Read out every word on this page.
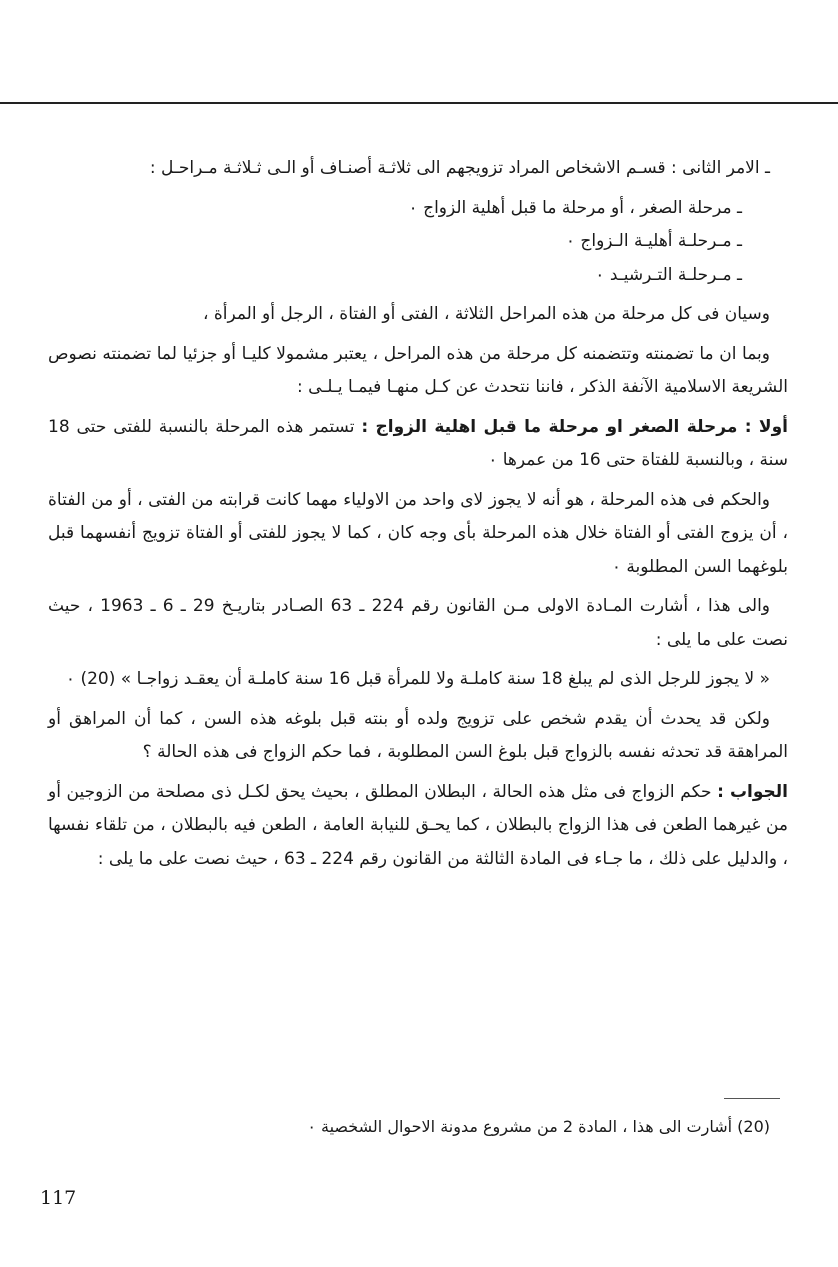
ـ الامر الثانى : قسـم الاشخاص المراد تزويجهم الى ثلاثـة أصنـاف أو الـى ثـلاثـة مـراحـل :

ـ مرحلة الصغر ، أو مرحلة ما قبل أهلية الزواج ٠

ـ مـرحلـة أهليـة الـزواج ٠

ـ مـرحلـة التـرشيـد ٠

وسيان فى كل مرحلة من هذه المراحل الثلاثة ، الفتى أو الفتاة ، الرجل أو المرأة ،

وبما ان ما تضمنته وتتضمنه كل مرحلة من هذه المراحل ، يعتبر مشمولا كليـا أو جزئيا لما تضمنته نصوص الشريعة الاسلامية الآنفة الذكر ، فاننا نتحدث عن كـل منهـا فيمـا يـلـى :

أولا : مرحلة الصغر او مرحلة ما قبل اهلية الزواج : تستمر هذه المرحلة بالنسبة للفتى حتى 18 سنة ، وبالنسبة للفتاة حتى 16 من عمرها ٠

والحكم فى هذه المرحلة ، هو أنه لا يجوز لاى واحد من الاولياء مهما كانت قرابته من الفتى ، أو من الفتاة ، أن يزوج الفتى أو الفتاة خلال هذه المرحلة بأى وجه كان ، كما لا يجوز للفتى أو الفتاة تزويج أنفسهما قبل بلوغهما السن المطلوبة ٠

والى هذا ، أشارت المـادة الاولى مـن القانون رقم 224 ـ 63 الصـادر بتاريـخ 29 ـ 6 ـ 1963 ، حيث نصت على ما يلى :

« لا يجوز للرجل الذى لم يبلغ 18 سنة كاملـة ولا للمرأة قبل 16 سنة كاملـة أن يعقـد زواجـا » (20) ٠

ولكن قد يحدث أن يقدم شخص على تزويج ولده أو بنته قبل بلوغه هذه السن ، كما أن المراهق أو المراهقة قد تحدثه نفسه بالزواج قبل بلوغ السن المطلوبة ، فما حكم الزواج فى هذه الحالة ؟

الجواب : حكم الزواج فى مثل هذه الحالة ، البطلان المطلق ، بحيث يحق لكـل ذى مصلحة من الزوجين أو من غيرهما الطعن فى هذا الزواج بالبطلان ، كما يحـق للنيابة العامة ، الطعن فيه بالبطلان ، من تلقاء نفسها ، والدليل على ذلك ، ما جـاء فى المادة الثالثة من القانون رقم 224 ـ 63 ، حيث نصت على ما يلى :

(20) أشارت الى هذا ، المادة 2 من مشروع مدونة الاحوال الشخصية ٠
117
